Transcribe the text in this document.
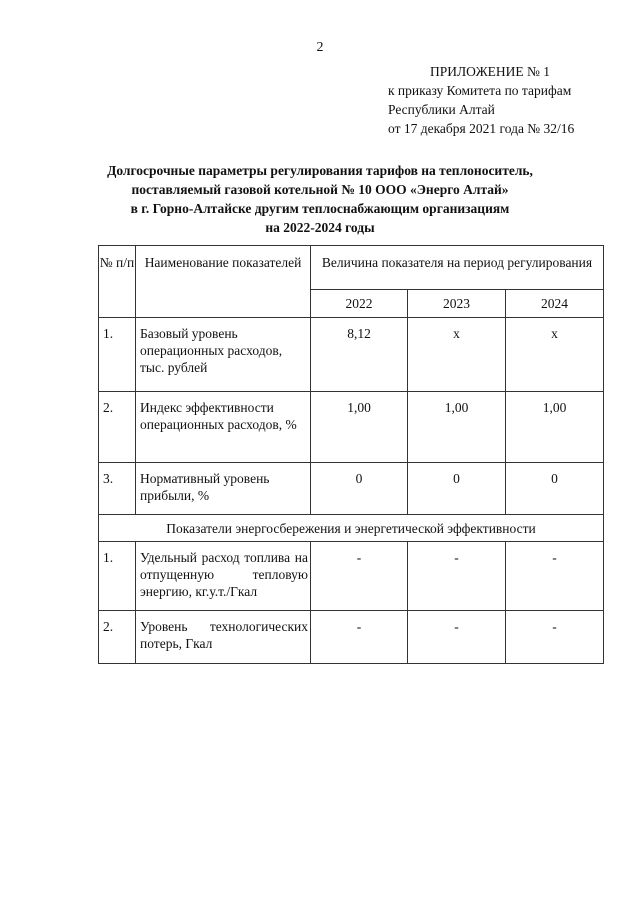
2
ПРИЛОЖЕНИЕ № 1
к приказу Комитета по тарифам
Республики Алтай
от 17 декабря 2021 года № 32/16
Долгосрочные параметры регулирования тарифов на теплоноситель,
поставляемый газовой котельной № 10 ООО «Энерго Алтай»
в г. Горно-Алтайске другим теплоснабжающим организациям
на 2022-2024 годы
№ п/п	Наименование показателей	Величина показателя на период регулирования		
		2022	2023	2024
1.	Базовый уровень операционных расходов, тыс. рублей	8,12	х	х
2.	Индекс эффективности операционных расходов, %	1,00	1,00	1,00
3.	Нормативный уровень прибыли, %	0	0	0
Показатели энергосбережения и энергетической эффективности				
1.	Удельный расход топлива на отпущенную тепловую энергию, кг.у.т./Гкал	-	-	-
2.	Уровень технологических потерь, Гкал	-	-	-
